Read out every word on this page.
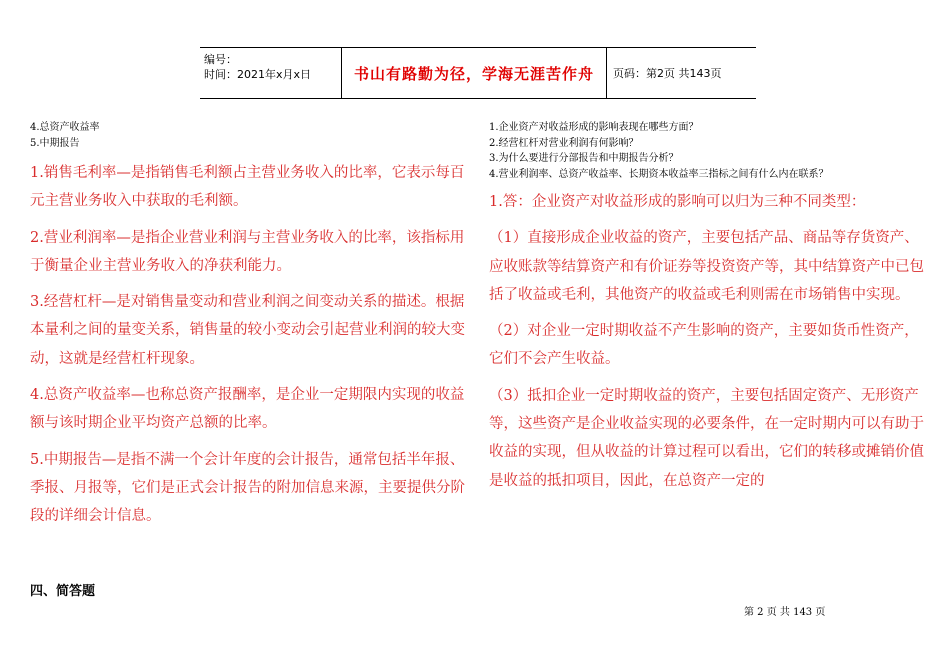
编号：
时间：2021年x月x日	书山有路勤为径，学海无涯苦作舟	页码：第2页 共143页
4.总资产收益率
5.中期报告

1.销售毛利率—是指销售毛利额占主营业务收入的比率，它表示每百元主营业务收入中获取的毛利额。

2.营业利润率—是指企业营业利润与主营业务收入的比率，该指标用于衡量企业主营业务收入的净获利能力。

3.经营杠杆—是对销售量变动和营业利润之间变动关系的描述。根据本量利之间的量变关系，销售量的较小变动会引起营业利润的较大变动，这就是经营杠杆现象。

4.总资产收益率—也称总资产报酬率，是企业一定期限内实现的收益额与该时期企业平均资产总额的比率。

5.中期报告—是指不满一个会计年度的会计报告，通常包括半年报、季报、月报等，它们是正式会计报告的附加信息来源，主要提供分阶段的详细会计信息。

四、简答题
1.企业资产对收益形成的影响表现在哪些方面？
2.经营杠杆对营业利润有何影响？
3.为什么要进行分部报告和中期报告分析？
4.营业利润率、总资产收益率、长期资本收益率三指标之间有什么内在联系？

1.答：企业资产对收益形成的影响可以归为三种不同类型：

（1）直接形成企业收益的资产，主要包括产品、商品等存货资产、应收账款等结算资产和有价证券等投资资产等，其中结算资产中已包括了收益或毛利，其他资产的收益或毛利则需在市场销售中实现。

（2）对企业一定时期收益不产生影响的资产，主要如货币性资产，它们不会产生收益。

（3）抵扣企业一定时期收益的资产，主要包括固定资产、无形资产等，这些资产是企业收益实现的必要条件，在一定时期内可以有助于收益的实现，但从收益的计算过程可以看出，它们的转移或摊销价值是收益的抵扣项目，因此，在总资产一定的

第 2 页 共 143 页
